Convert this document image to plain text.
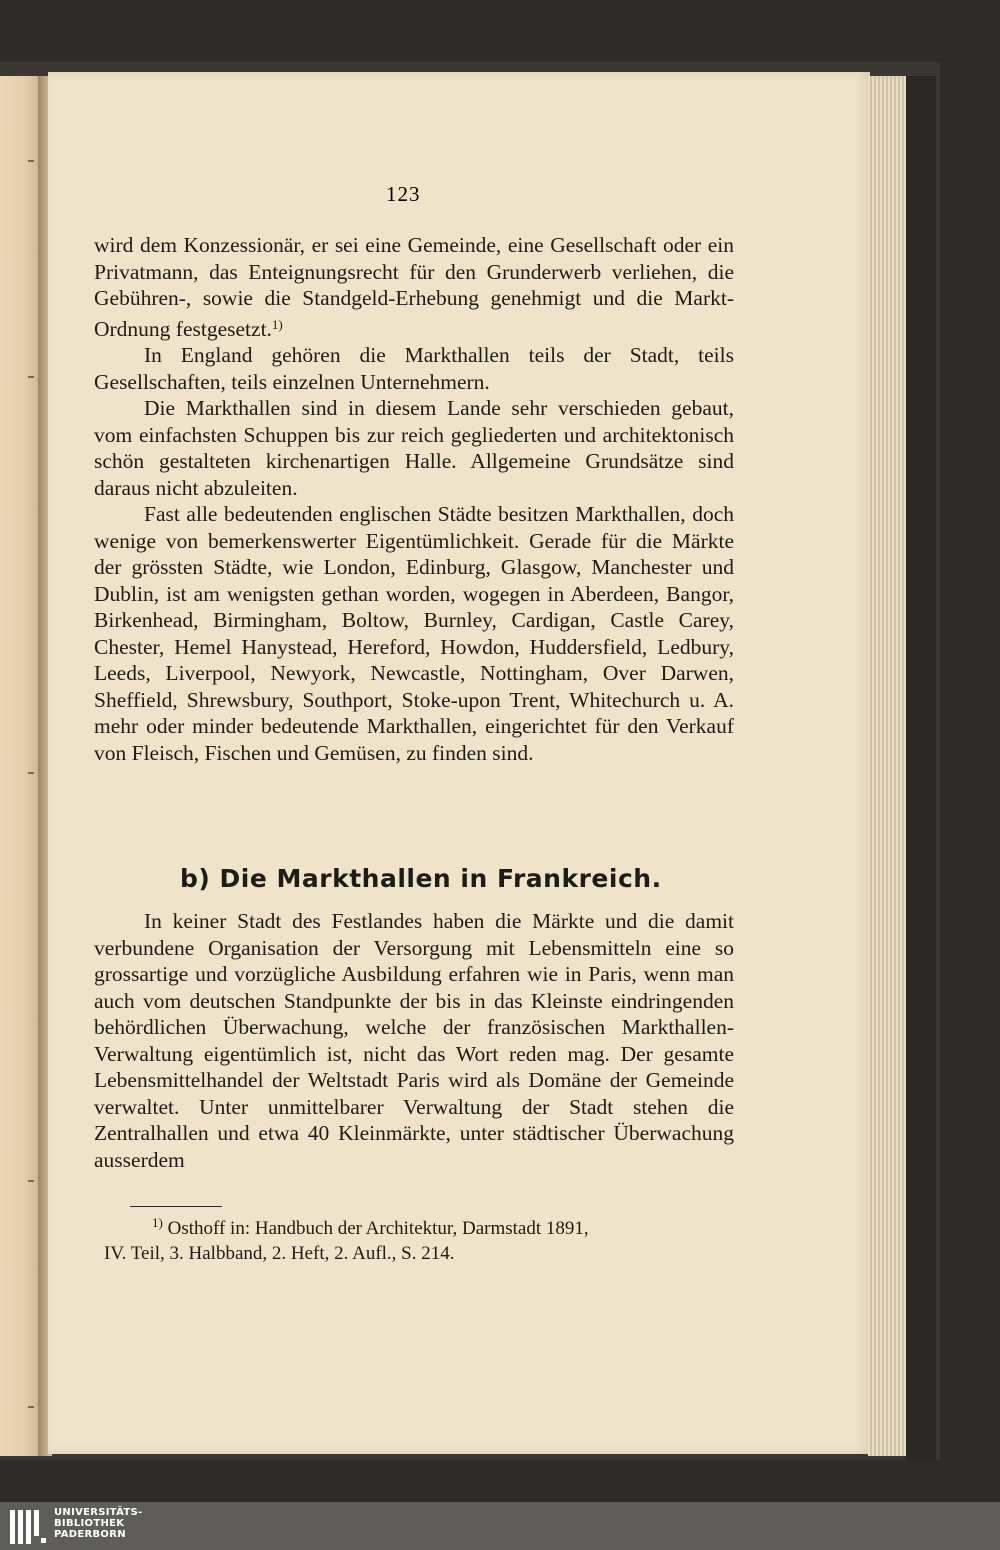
123

wird dem Konzessionär, er sei eine Gemeinde, eine Gesellschaft oder ein Privatmann, das Enteignungsrecht für den Grunderwerb verliehen, die Gebühren-, sowie die Standgeld-Erhebung genehmigt und die Markt-Ordnung festgesetzt.$^{1)}$

In England gehören die Markthallen teils der Stadt, teils Gesellschaften, teils einzelnen Unternehmern.

Die Markthallen sind in diesem Lande sehr verschieden gebaut, vom einfachsten Schuppen bis zur reich gegliederten und architektonisch schön gestalteten kirchenartigen Halle. Allgemeine Grundsätze sind daraus nicht abzuleiten.

Fast alle bedeutenden englischen Städte besitzen Markthallen, doch wenige von bemerkenswerter Eigentümlichkeit. Gerade für die Märkte der grössten Städte, wie London, Edinburg, Glasgow, Manchester und Dublin, ist am wenigsten gethan worden, wogegen in Aberdeen, Bangor, Birkenhead, Birmingham, Boltow, Burnley, Cardigan, Castle Carey, Chester, Hemel Hanystead, Hereford, Howdon, Huddersfield, Ledbury, Leeds, Liverpool, Newyork, Newcastle, Nottingham, Over Darwen, Sheffield, Shrewsbury, Southport, Stoke-upon Trent, Whitechurch u. A. mehr oder minder bedeutende Markthallen, eingerichtet für den Verkauf von Fleisch, Fischen und Gemüsen, zu finden sind.

b) Die Markthallen in Frankreich.

In keiner Stadt des Festlandes haben die Märkte und die damit verbundene Organisation der Versorgung mit Lebensmitteln eine so grossartige und vorzügliche Ausbildung erfahren wie in Paris, wenn man auch vom deutschen Standpunkte der bis in das Kleinste eindringenden behördlichen Überwachung, welche der französischen Markthallen-Verwaltung eigentümlich ist, nicht das Wort reden mag. Der gesamte Lebensmittelhandel der Weltstadt Paris wird als Domäne der Gemeinde verwaltet. Unter unmittelbarer Verwaltung der Stadt stehen die Zentralhallen und etwa 40 Kleinmärkte, unter städtischer Überwachung ausserdem

$^{1)}$ Osthoff in: Handbuch der Architektur, Darmstadt 1891,

IV. Teil, 3. Halbband, 2. Heft, 2. Aufl., S. 214.

UNIVERSITÄTS-
BIBLIOTHEK
PADERBORN
